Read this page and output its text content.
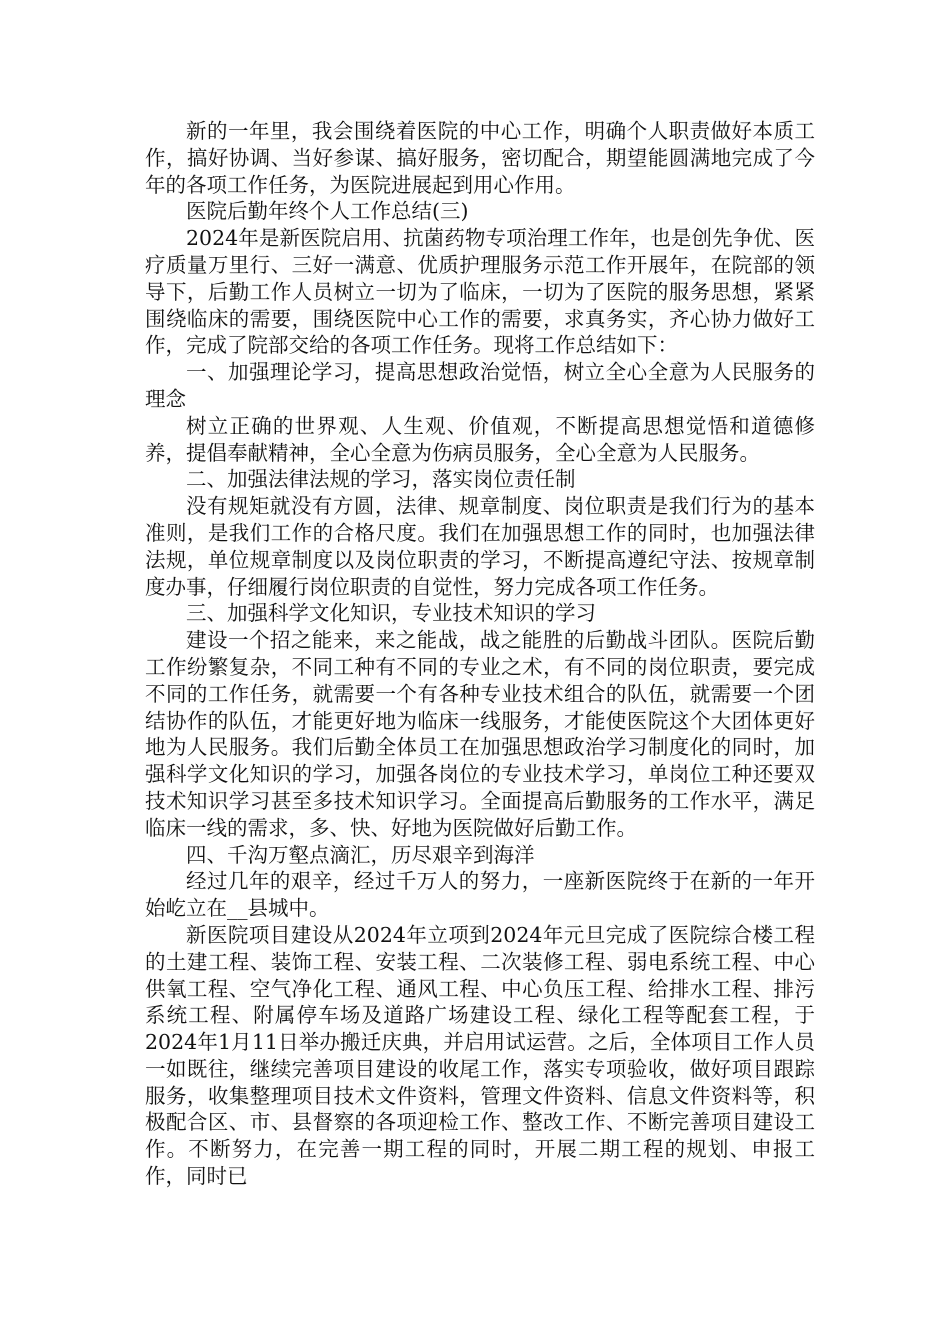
新的一年里，我会围绕着医院的中心工作，明确个人职责做好本质工作，搞好协调、当好参谋、搞好服务，密切配合，期望能圆满地完成了今年的各项工作任务，为医院进展起到用心作用。

医院后勤年终个人工作总结(三)

2024年是新医院启用、抗菌药物专项治理工作年，也是创先争优、医疗质量万里行、三好一满意、优质护理服务示范工作开展年，在院部的领导下，后勤工作人员树立一切为了临床，一切为了医院的服务思想，紧紧围绕临床的需要，围绕医院中心工作的需要，求真务实，齐心协力做好工作，完成了院部交给的各项工作任务。现将工作总结如下：

一、加强理论学习，提高思想政治觉悟，树立全心全意为人民服务的理念

树立正确的世界观、人生观、价值观，不断提高思想觉悟和道德修养，提倡奉献精神，全心全意为伤病员服务，全心全意为人民服务。

二、加强法律法规的学习，落实岗位责任制

没有规矩就没有方圆，法律、规章制度、岗位职责是我们行为的基本准则，是我们工作的合格尺度。我们在加强思想工作的同时，也加强法律法规，单位规章制度以及岗位职责的学习，不断提高遵纪守法、按规章制度办事，仔细履行岗位职责的自觉性，努力完成各项工作任务。

三、加强科学文化知识，专业技术知识的学习

建设一个招之能来，来之能战，战之能胜的后勤战斗团队。医院后勤工作纷繁复杂，不同工种有不同的专业之术，有不同的岗位职责，要完成不同的工作任务，就需要一个有各种专业技术组合的队伍，就需要一个团结协作的队伍，才能更好地为临床一线服务，才能使医院这个大团体更好地为人民服务。我们后勤全体员工在加强思想政治学习制度化的同时，加强科学文化知识的学习，加强各岗位的专业技术学习，单岗位工种还要双技术知识学习甚至多技术知识学习。全面提高后勤服务的工作水平，满足临床一线的需求，多、快、好地为医院做好后勤工作。

四、千沟万壑点滴汇，历尽艰辛到海洋

经过几年的艰辛，经过千万人的努力，一座新医院终于在新的一年开始屹立在__县城中。

新医院项目建设从2024年立项到2024年元旦完成了医院综合楼工程的土建工程、装饰工程、安装工程、二次装修工程、弱电系统工程、中心供氧工程、空气净化工程、通风工程、中心负压工程、给排水工程、排污系统工程、附属停车场及道路广场建设工程、绿化工程等配套工程，于2024年1月11日举办搬迁庆典，并启用试运营。之后，全体项目工作人员一如既往，继续完善项目建设的收尾工作，落实专项验收，做好项目跟踪服务，收集整理项目技术文件资料，管理文件资料、信息文件资料等，积极配合区、市、县督察的各项迎检工作、整改工作、不断完善项目建设工作。不断努力，在完善一期工程的同时，开展二期工程的规划、申报工作，同时已
